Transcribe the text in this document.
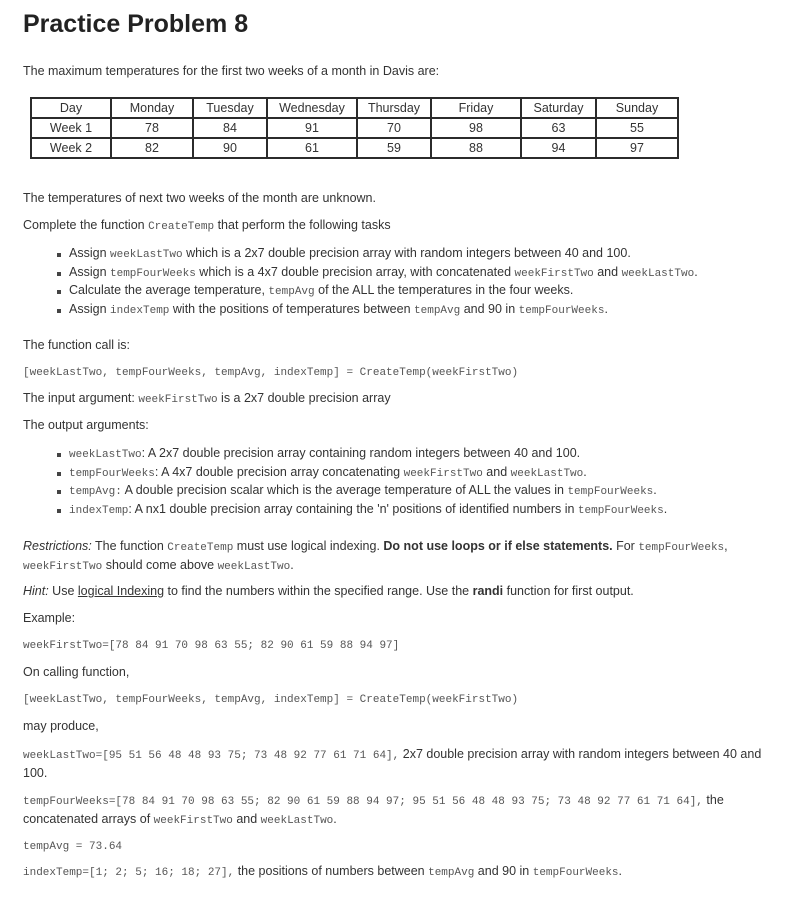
Practice Problem 8
The maximum temperatures for the first two weeks of a month in Davis are:
Day	Monday	Tuesday	Wednesday	Thursday	Friday	Saturday	Sunday
Week 1	78	84	91	70	98	63	55
Week 2	82	90	61	59	88	94	97
The temperatures of next two weeks of the month are unknown.
Complete the function CreateTemp that perform the following tasks
Assign weekLastTwo which is a 2x7 double precision array with random integers between 40 and 100.
Assign tempFourWeeks which is a 4x7 double precision array, with concatenated weekFirstTwo and weekLastTwo.
Calculate the average temperature, tempAvg of the ALL the temperatures in the four weeks.
Assign indexTemp with the positions of temperatures between tempAvg and 90 in tempFourWeeks.
The function call is:
[weekLastTwo, tempFourWeeks, tempAvg, indexTemp] = CreateTemp(weekFirstTwo)
The input argument: weekFirstTwo is a 2x7 double precision array
The output arguments:
weekLastTwo: A 2x7 double precision array containing random integers between 40 and 100.
tempFourWeeks: A 4x7 double precision array concatenating weekFirstTwo and weekLastTwo.
tempAvg: A double precision scalar which is the average temperature of ALL the values in tempFourWeeks.
indexTemp: A nx1 double precision array containing the 'n' positions of identified numbers in tempFourWeeks.
Restrictions: The function CreateTemp must use logical indexing. Do not use loops or if else statements. For tempFourWeeks,
weekFirstTwo should come above weekLastTwo.
Hint: Use logical Indexing to find the numbers within the specified range. Use the randi function for first output.
Example:
weekFirstTwo=[78 84 91 70 98 63 55; 82 90 61 59 88 94 97]
On calling function,
[weekLastTwo, tempFourWeeks, tempAvg, indexTemp] = CreateTemp(weekFirstTwo)
may produce,
weekLastTwo=[95 51 56 48 48 93 75; 73 48 92 77 61 71 64], 2x7 double precision array with random integers between 40 and 100.
tempFourWeeks=[78 84 91 70 98 63 55; 82 90 61 59 88 94 97; 95 51 56 48 48 93 75; 73 48 92 77 61 71 64], the concatenated arrays of weekFirstTwo and weekLastTwo.
tempAvg = 73.64
indexTemp=[1; 2; 5; 16; 18; 27], the positions of numbers between tempAvg and 90 in tempFourWeeks.
